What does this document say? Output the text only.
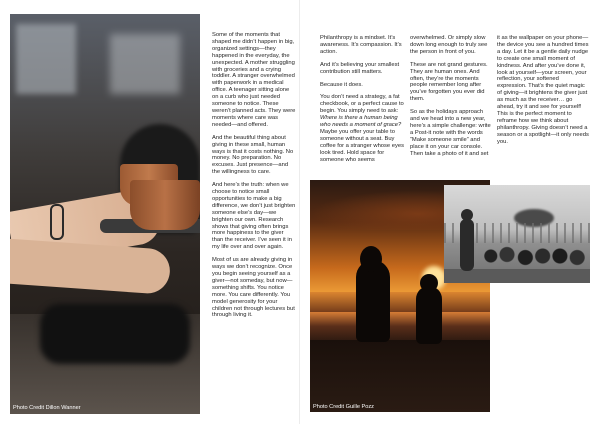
Photo Credit Dillon Wanner

Some of the moments that shaped me didn’t happen in big, organized settings—they happened in the everyday, the unexpected. A mother struggling with groceries and a crying toddler. A stranger overwhelmed with paperwork in a medical office. A teenager sitting alone on a curb who just needed someone to notice. These weren’t planned acts. They were moments where care was needed—and offered.

And the beautiful thing about giving in these small, human ways is that it costs nothing. No money. No preparation. No excuses. Just presence—and the willingness to care.

And here’s the truth: when we choose to notice small opportunities to make a big difference, we don’t just brighten someone else’s day—we brighten our own. Research shows that giving often brings more happiness to the giver than the receiver. I’ve seen it in my life over and over again.

Most of us are already giving in ways we don’t recognize. Once you begin seeing yourself as a giver—not someday, but now—something shifts. You notice more. You care differently. You model generosity for your children not through lectures but through living it.

Philanthropy is a mindset. It’s awareness. It’s compassion. It’s action.

And it’s believing your smallest contribution still matters.

Because it does.

You don’t need a strategy, a fat checkbook, or a perfect cause to begin. You simply need to ask: Where is there a human being who needs a moment of grace? Maybe you offer your table to someone without a seat. Buy coffee for a stranger whose eyes look tired. Hold space for someone who seems

overwhelmed. Or simply slow down long enough to truly see the person in front of you.

These are not grand gestures. They are human ones. And often, they’re the moments people remember long after you’ve forgotten you ever did them.

So as the holidays approach and we head into a new year, here’s a simple challenge: write a Post-it note with the words “Make someone smile” and place it on your car console. Then take a photo of it and set

it as the wallpaper on your phone—the device you see a hundred times a day. Let it be a gentle daily nudge to create one small moment of kindness. And after you’ve done it, look at yourself—your screen, your reflection, your softened expression. That’s the quiet magic of giving—it brightens the giver just as much as the receiver… go ahead, try it and see for yourself! This is the perfect moment to reframe how we think about philanthropy. Giving doesn’t need a season or a spotlight—it only needs you.

Photo Credit Guille Pozz
